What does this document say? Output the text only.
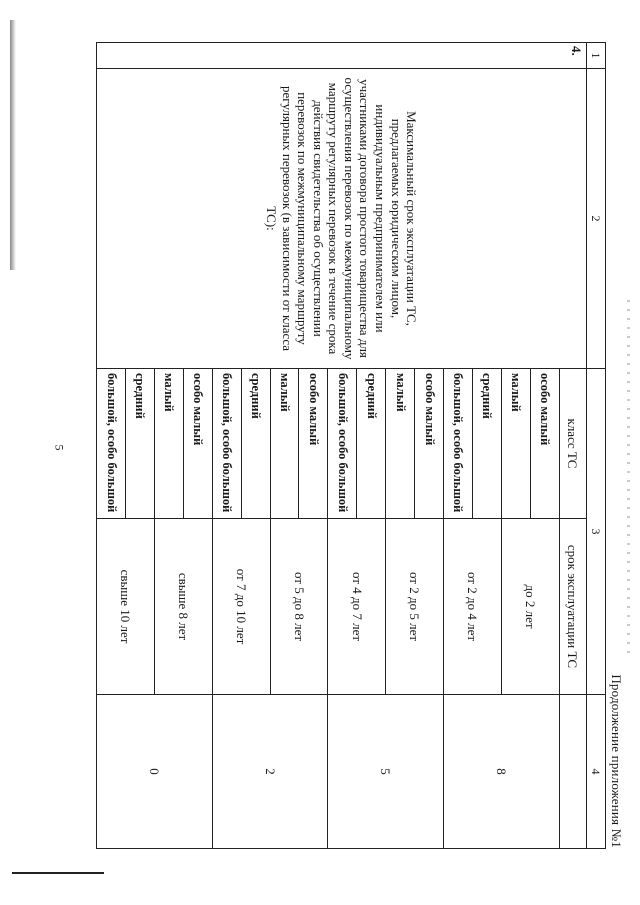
5
Продолжение приложения №1
1	2	3		4
4.	Максимальный срок эксплуатации ТС, предлагаемых юридическим лицом, индивидуальным предпринимателем или участниками договора простого товарищества для осуществления перевозок по межмуниципальному маршруту регулярных перевозок в течение срока действия свидетельства об осуществлении перевозок по межмуниципальному маршруту регулярных перевозок (в зависимости от класса ТС):	класс ТС	срок эксплуатации ТС	
		особо малый	до 2 лет	8
		малый		
		средний	от 2 до 4 лет	
		большой, особо большой		
		особо малый	от 2 до 5 лет	5
		малый		
		средний	от 4 до 7 лет	
		большой, особо большой		
		особо малый	от 5 до 8 лет	2
		малый		
		средний	от 7 до 10 лет	
		большой, особо большой		
		особо малый	свыше 8 лет	0
		малый		
		средний	свыше 10 лет	
		большой, особо большой		
